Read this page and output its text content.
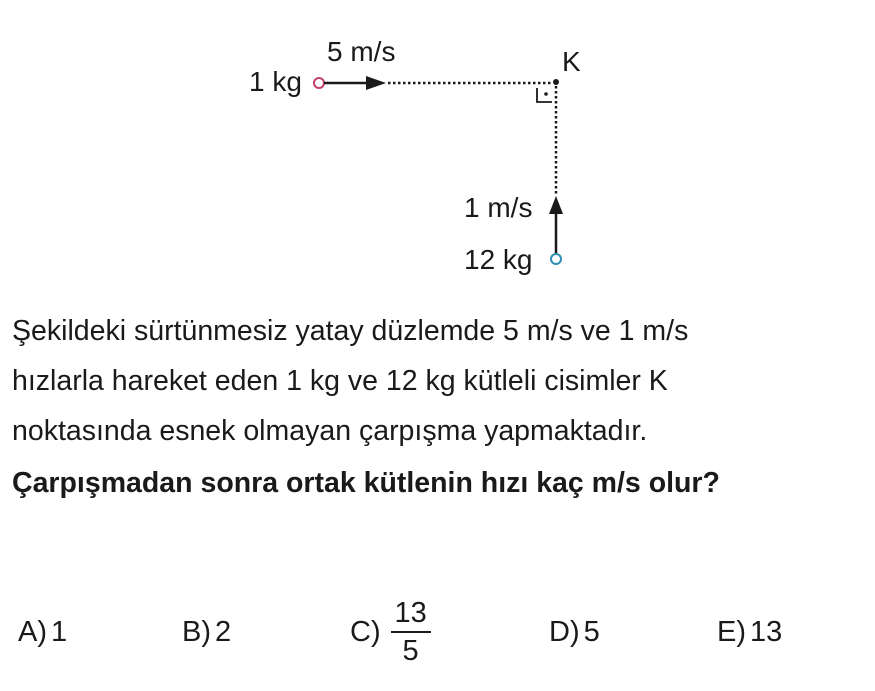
1 kg
5 m/s	K
1 m/s
12 kg

Şekildeki sürtünmesiz yatay düzlemde 5 m/s ve 1 m/s
hızlarla hareket eden 1 kg ve 12 kg kütleli cisimler K
noktasında esnek olmayan çarpışma yapmaktadır.

Çarpışmadan sonra ortak kütlenin hızı kaç m/s olur?

A) 1	B) 2	$C) \frac{13}{5}$	D) 5	E) 13
